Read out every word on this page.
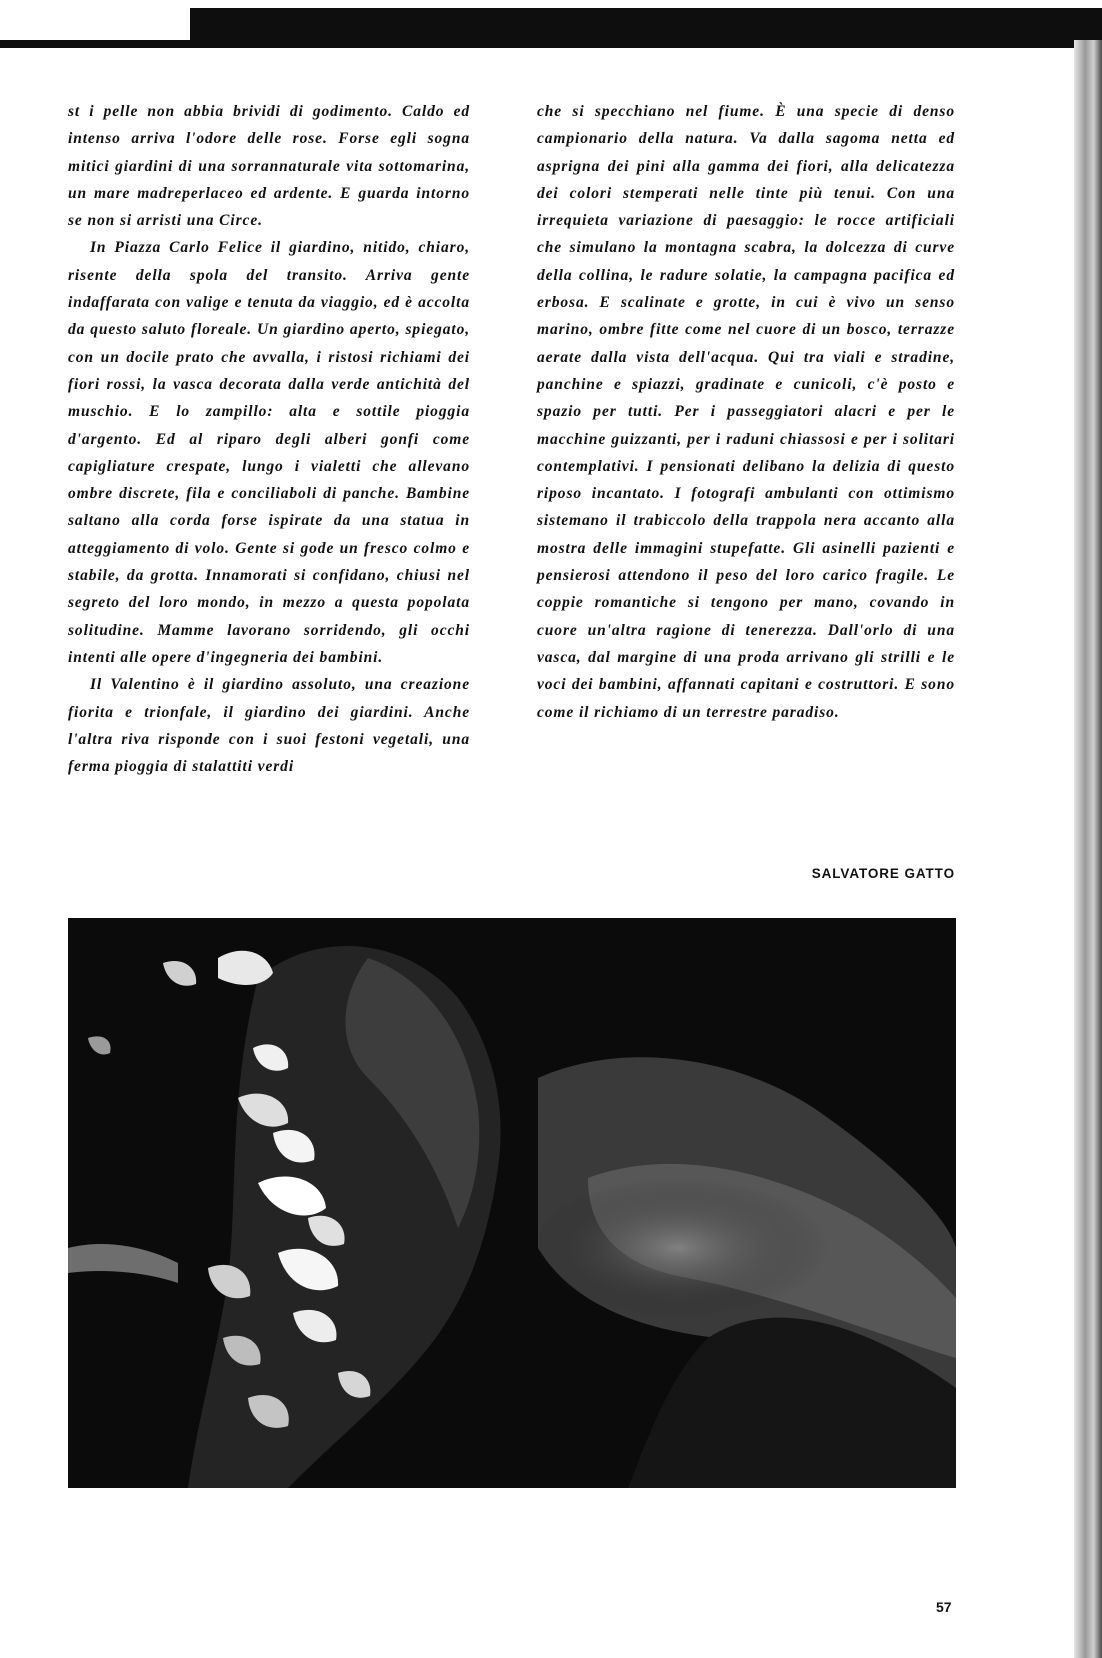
st i pelle non abbia brividi di godimento. Caldo ed intenso arriva l'odore delle rose. Forse egli sogna mitici giardini di una sorrannaturale vita sottomarina, un mare madreperlaceo ed ardente. E guarda intorno se non si arristi una Circe.

In Piazza Carlo Felice il giardino, nitido, chiaro, risente della spola del transito. Arriva gente indaffarata con valige e tenuta da viaggio, ed è accolta da questo saluto floreale. Un giardino aperto, spiegato, con un docile prato che avvalla, i ristosi richiami dei fiori rossi, la vasca decorata dalla verde antichità del muschio. E lo zampillo: alta e sottile pioggia d'argento. Ed al riparo degli alberi gonfi come capigliature crespate, lungo i vialetti che allevano ombre discrete, fila e conciliaboli di panche. Bambine saltano alla corda forse ispirate da una statua in atteggiamento di volo. Gente si gode un fresco colmo e stabile, da grotta. Innamorati si confidano, chiusi nel segreto del loro mondo, in mezzo a questa popolata solitudine. Mamme lavorano sorridendo, gli occhi intenti alle opere d'ingegneria dei bambini.

Il Valentino è il giardino assoluto, una creazione fiorita e trionfale, il giardino dei giardini. Anche l'altra riva risponde con i suoi festoni vegetali, una ferma pioggia di stalattiti verdi

che si specchiano nel fiume. È una specie di denso campionario della natura. Va dalla sagoma netta ed asprigna dei pini alla gamma dei fiori, alla delicatezza dei colori stemperati nelle tinte più tenui. Con una irrequieta variazione di paesaggio: le rocce artificiali che simulano la montagna scabra, la dolcezza di curve della collina, le radure solatie, la campagna pacifica ed erbosa. E scalinate e grotte, in cui è vivo un senso marino, ombre fitte come nel cuore di un bosco, terrazze aerate dalla vista dell'acqua. Qui tra viali e stradine, panchine e spiazzi, gradinate e cunicoli, c'è posto e spazio per tutti. Per i passeggiatori alacri e per le macchine guizzanti, per i raduni chiassosi e per i solitari contemplativi. I pensionati delibano la delizia di questo riposo incantato. I fotografi ambulanti con ottimismo sistemano il trabiccolo della trappola nera accanto alla mostra delle immagini stupefatte. Gli asinelli pazienti e pensierosi attendono il peso del loro carico fragile. Le coppie romantiche si tengono per mano, covando in cuore un'altra ragione di tenerezza. Dall'orlo di una vasca, dal margine di una proda arrivano gli strilli e le voci dei bambini, affannati capitani e costruttori. E sono come il richiamo di un terrestre paradiso.

SALVATORE GATTO
57
